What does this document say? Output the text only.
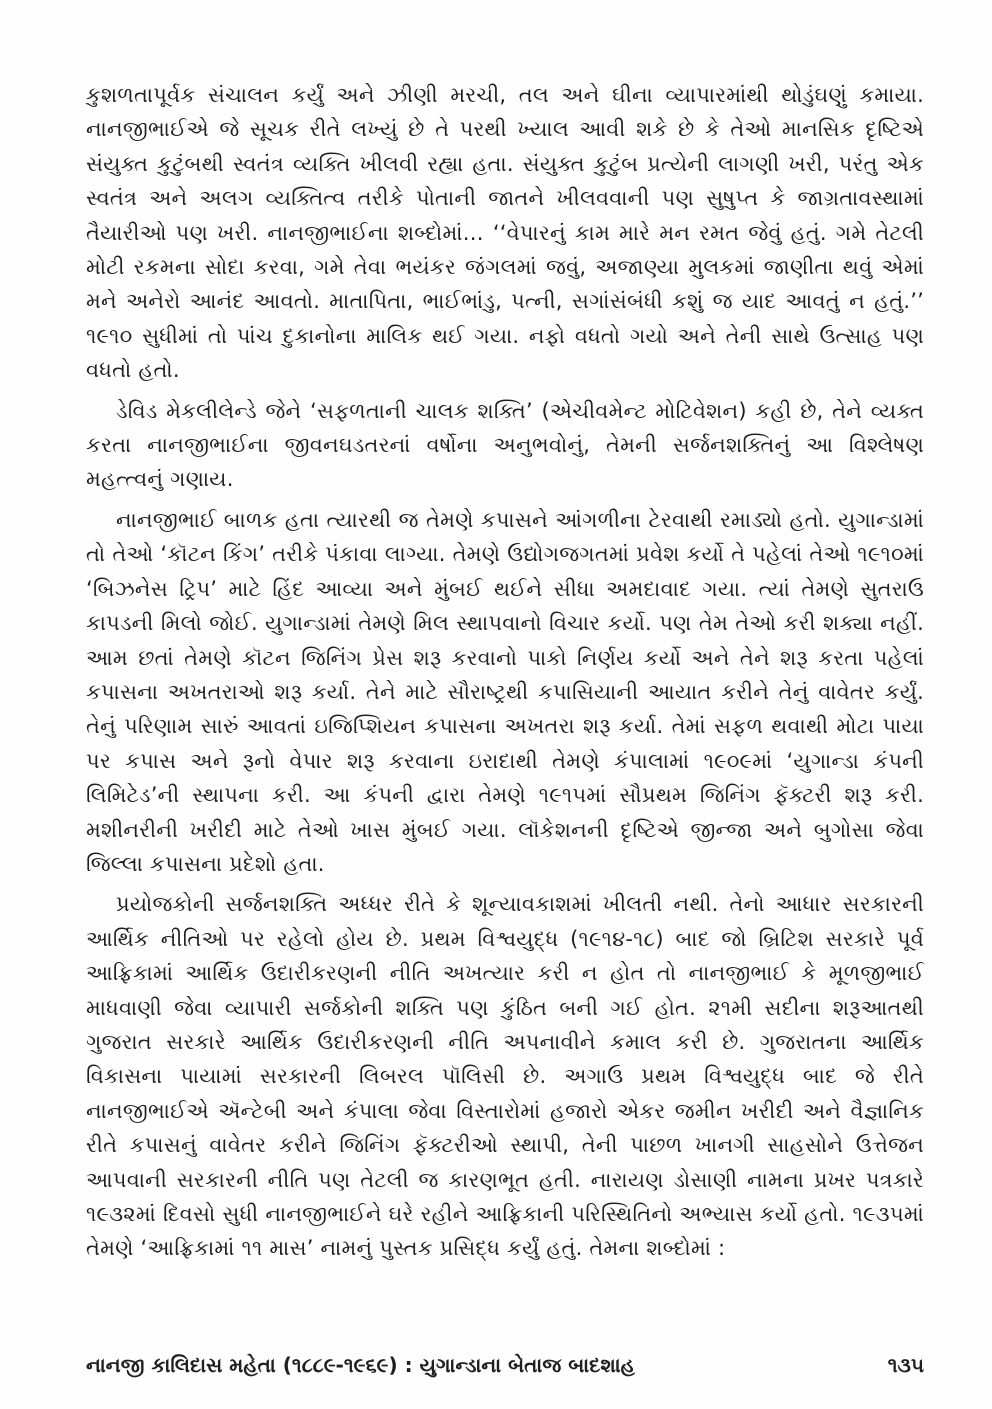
કુશળતાપૂર્વક સંચાલન કર્યું અને ઝીણી મરચી, તલ અને ઘીના વ્યાપારમાંથી થોડુંઘણું કમાયા. નાનજીભાઈએ જે સૂચક રીતે લખ્યું છે તે પરથી ખ્યાલ આવી શકે છે કે તેઓ માનસિક દૃષ્ટિએ સંયુક્ત કુટુંબથી સ્વતંત્ર વ્યક્તિ ખીલવી રહ્યા હતા. સંયુક્ત કુટુંબ પ્રત્યેની લાગણી ખરી, પરંતુ એક સ્વતંત્ર અને અલગ વ્યક્તિત્વ તરીકે પોતાની જાતને ખીલવવાની પણ સુષુપ્ત કે જાગ્રતાવસ્થામાં તૈયારીઓ પણ ખરી. નાનજીભાઈના શબ્દોમાં… ‘‘વેપારનું કામ મારે મન રમત જેવું હતું. ગમે તેટલી મોટી રકમના સોદા કરવા, ગમે તેવા ભયંકર જંગલમાં જવું, અજાણ્યા મુલકમાં જાણીતા થવું એમાં મને અનેરો આનંદ આવતો. માતાપિતા, ભાઈભાંડુ, પત્ની, સગાંસંબંધી કશું જ યાદ આવતું ન હતું.’’ ૧૯૧૦ સુધીમાં તો પાંચ દુકાનોના માલિક થઈ ગયા. નફો વધતો ગયો અને તેની સાથે ઉત્સાહ પણ વધતો હતો.

ડેવિડ મેકલીલેન્ડે જેને ‘સફળતાની ચાલક શક્તિ’ (એચીવમેન્ટ મોટિવેશન) કહી છે, તેને વ્યક્ત કરતા નાનજીભાઈના જીવનઘડતરનાં વર્ષોના અનુભવોનું, તેમની સર્જનશક્તિનું આ વિશ્લેષણ મહત્ત્વનું ગણાય.

નાનજીભાઈ બાળક હતા ત્યારથી જ તેમણે કપાસને આંગળીના ટેરવાથી રમાડ્યો હતો. યુગાન્ડામાં તો તેઓ ‘કૉટન કિંગ’ તરીકે પંકાવા લાગ્યા. તેમણે ઉદ્યોગજગતમાં પ્રવેશ કર્યો તે પહેલાં તેઓ ૧૯૧૦માં ‘બિઝનેસ ટ્રિપ’ માટે હિંદ આવ્યા અને મુંબઈ થઈને સીધા અમદાવાદ ગયા. ત્યાં તેમણે સુતરાઉ કાપડની મિલો જોઈ. યુગાન્ડામાં તેમણે મિલ સ્થાપવાનો વિચાર કર્યો. પણ તેમ તેઓ કરી શક્યા નહીં. આમ છતાં તેમણે કૉટન જિનિંગ પ્રેસ શરૂ કરવાનો પાકો નિર્ણય કર્યો અને તેને શરૂ કરતા પહેલાં કપાસના અખતરાઓ શરૂ કર્યા. તેને માટે સૌરાષ્ટ્રથી કપાસિયાની આયાત કરીને તેનું વાવેતર કર્યું. તેનું પરિણામ સારું આવતાં ઇજિપ્શિયન કપાસના અખતરા શરૂ કર્યા. તેમાં સફળ થવાથી મોટા પાયા પર કપાસ અને રૂનો વેપાર શરૂ કરવાના ઇરાદાથી તેમણે કંપાલામાં ૧૯૦૯માં ‘યુગાન્ડા કંપની લિમિટેડ’ની સ્થાપના કરી. આ કંપની દ્વારા તેમણે ૧૯૧૫માં સૌપ્રથમ જિનિંગ ફૅક્ટરી શરૂ કરી. મશીનરીની ખરીદી માટે તેઓ ખાસ મુંબઈ ગયા. લૉકેશનની દૃષ્ટિએ જીન્જા અને બુગોસા જેવા જિલ્લા કપાસના પ્રદેશો હતા.

પ્રયોજકોની સર્જનશક્તિ અધ્ધર રીતે કે શૂન્યાવકાશમાં ખીલતી નથી. તેનો આધાર સરકારની આર્થિક નીતિઓ પર રહેલો હોય છે. પ્રથમ વિશ્વયુદ્ધ (૧૯૧૪-૧૮) બાદ જો બ્રિટિશ સરકારે પૂર્વ આફ્રિકામાં આર્થિક ઉદારીકરણની નીતિ અખત્યાર કરી ન હોત તો નાનજીભાઈ કે મૂળજીભાઈ માધવાણી જેવા વ્યાપારી સર્જકોની શક્તિ પણ કુંઠિત બની ગઈ હોત. ૨૧મી સદીના શરૂઆતથી ગુજરાત સરકારે આર્થિક ઉદારીકરણની નીતિ અપનાવીને કમાલ કરી છે. ગુજરાતના આર્થિક વિકાસના પાયામાં સરકારની લિબરલ પૉલિસી છે. અગાઉ પ્રથમ વિશ્વયુદ્ધ બાદ જે રીતે નાનજીભાઈએ ઍન્ટેબી અને કંપાલા જેવા વિસ્તારોમાં હજારો એકર જમીન ખરીદી અને વૈજ્ઞાનિક રીતે કપાસનું વાવેતર કરીને જિનિંગ ફૅક્ટરીઓ સ્થાપી, તેની પાછળ ખાનગી સાહસોને ઉત્તેજન આપવાની સરકારની નીતિ પણ તેટલી જ કારણભૂત હતી. નારાયણ ડોસાણી નામના પ્રખર પત્રકારે ૧૯૩૨માં દિવસો સુધી નાનજીભાઈને ઘરે રહીને આફ્રિકાની પરિસ્થિતિનો અભ્યાસ કર્યો હતો. ૧૯૩૫માં તેમણે ‘આફ્રિકામાં ૧૧ માસ’ નામનું પુસ્તક પ્રસિદ્ધ કર્યું હતું. તેમના શબ્દોમાં :

નાનજી કાલિદાસ મહેતા (૧૮૮૯-૧૯૬૯) : યુગાન્ડાના બેતાજ બાદશાહ	૧૩૫
